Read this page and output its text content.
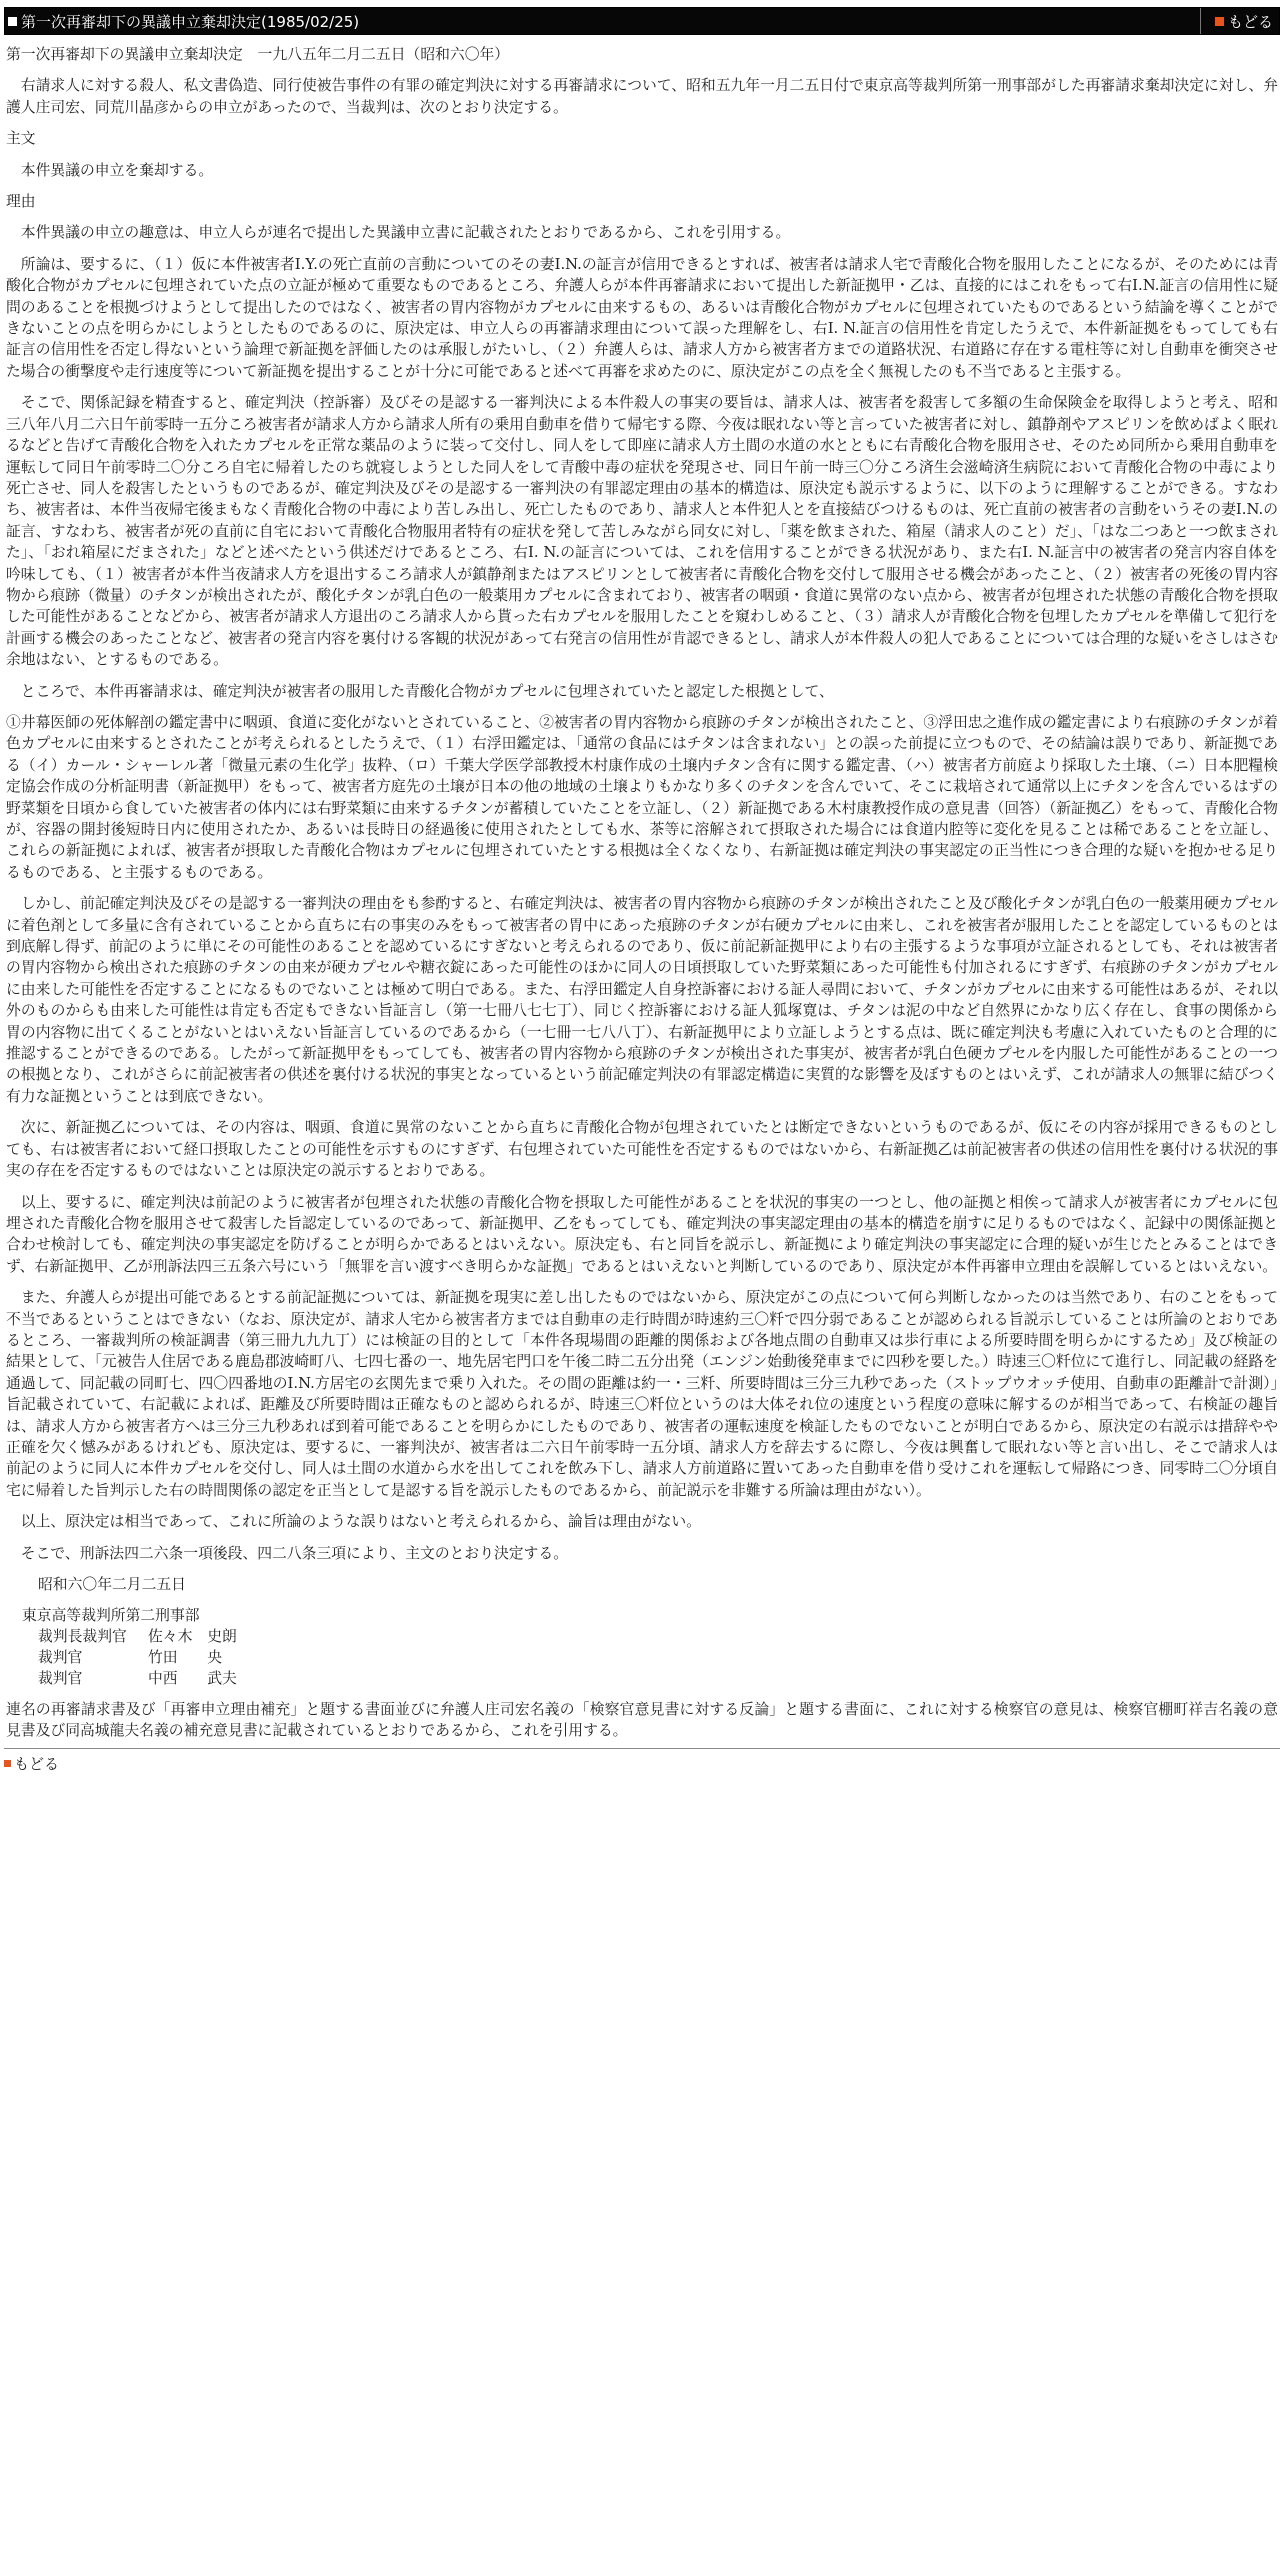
第一次再審却下の異議申立棄却決定(1985/02/25)	もどる

第一次再審却下の異議申立棄却決定　一九八五年二月二五日（昭和六〇年）

右請求人に対する殺人、私文書偽造、同行使被告事件の有罪の確定判決に対する再審請求について、昭和五九年一月二五日付で東京高等裁判所第一刑事部がした再審請求棄却決定に対し、弁護人庄司宏、同荒川晶彦からの申立があったので、当裁判は、次のとおり決定する。

主文

本件異議の申立を棄却する。

理由

本件異議の申立の趣意は、申立人らが連名で提出した異議申立書に記載されたとおりであるから、これを引用する。

所論は、要するに、（１）仮に本件被害者I.Y.の死亡直前の言動についてのその妻I.N.の証言が信用できるとすれば、被害者は請求人宅で青酸化合物を服用したことになるが、そのためには青酸化合物がカプセルに包埋されていた点の立証が極めて重要なものであるところ、弁護人らが本件再審請求において提出した新証拠甲・乙は、直接的にはこれをもって右I.N.証言の信用性に疑問のあることを根拠づけようとして提出したのではなく、被害者の胃内容物がカプセルに由来するもの、あるいは青酸化合物がカプセルに包埋されていたものであるという結論を導くことができないことの点を明らかにしようとしたものであるのに、原決定は、申立人らの再審請求理由について誤った理解をし、右I. N.証言の信用性を肯定したうえで、本件新証拠をもってしても右証言の信用性を否定し得ないという論理で新証拠を評価したのは承服しがたいし、（２）弁護人らは、請求人方から被害者方までの道路状況、右道路に存在する電柱等に対し自動車を衝突させた場合の衝撃度や走行速度等について新証拠を提出することが十分に可能であると述べて再審を求めたのに、原決定がこの点を全く無視したのも不当であると主張する。

そこで、関係記録を精査すると、確定判決（控訴審）及びその是認する一審判決による本件殺人の事実の要旨は、請求人は、被害者を殺害して多額の生命保険金を取得しようと考え、昭和三八年八月二六日午前零時一五分ころ被害者が請求人方から請求人所有の乗用自動車を借りて帰宅する際、今夜は眠れない等と言っていた被害者に対し、鎮静剤やアスピリンを飲めばよく眠れるなどと告げて青酸化合物を入れたカプセルを正常な薬品のように装って交付し、同人をして即座に請求人方土間の水道の水とともに右青酸化合物を服用させ、そのため同所から乗用自動車を運転して同日午前零時二〇分ころ自宅に帰着したのち就寝しようとした同人をして青酸中毒の症状を発現させ、同日午前一時三〇分ころ済生会滋崎済生病院において青酸化合物の中毒により死亡させ、同人を殺害したというものであるが、確定判決及びその是認する一審判決の有罪認定理由の基本的構造は、原決定も説示するように、以下のように理解することができる。すなわち、被害者は、本件当夜帰宅後まもなく青酸化合物の中毒により苦しみ出し、死亡したものであり、請求人と本件犯人とを直接結びつけるものは、死亡直前の被害者の言動をいうその妻I.N.の証言、すなわち、被害者が死の直前に自宅において青酸化合物服用者特有の症状を発して苦しみながら同女に対し、「薬を飲まされた、箱屋（請求人のこと）だ」、「はな二つあと一つ飲まされた」、「おれ箱屋にだまされた」などと述べたという供述だけであるところ、右I. N.の証言については、これを信用することができる状況があり、また右I. N.証言中の被害者の発言内容自体を吟味しても、（１）被害者が本件当夜請求人方を退出するころ請求人が鎮静剤またはアスピリンとして被害者に青酸化合物を交付して服用させる機会があったこと、（２）被害者の死後の胃内容物から痕跡（微量）のチタンが検出されたが、酸化チタンが乳白色の一般薬用カプセルに含まれており、被害者の咽頭・食道に異常のない点から、被害者が包埋された状態の青酸化合物を摂取した可能性があることなどから、被害者が請求人方退出のころ請求人から貰った右カプセルを服用したことを窺わしめること、（３）請求人が青酸化合物を包埋したカプセルを準備して犯行を計画する機会のあったことなど、被害者の発言内容を裏付ける客観的状況があって右発言の信用性が肯認できるとし、請求人が本件殺人の犯人であることについては合理的な疑いをさしはさむ余地はない、とするものである。

ところで、本件再審請求は、確定判決が被害者の服用した青酸化合物がカプセルに包埋されていたと認定した根拠として、

①井幕医師の死体解剖の鑑定書中に咽頭、食道に変化がないとされていること、②被害者の胃内容物から痕跡のチタンが検出されたこと、③浮田忠之進作成の鑑定書により右痕跡のチタンが着色カプセルに由来するとされたことが考えられるとしたうえで、（１）右浮田鑑定は、「通常の食品にはチタンは含まれない」との誤った前提に立つもので、その結論は誤りであり、新証拠である（イ）カール・シャーレル著「微量元素の生化学」抜粋、（ロ）千葉大学医学部教授木村康作成の土壌内チタン含有に関する鑑定書、（ハ）被害者方前庭より採取した土壌、（ニ）日本肥糧検定協会作成の分析証明書（新証拠甲）をもって、被害者方庭先の土壌が日本の他の地域の土壌よりもかなり多くのチタンを含んでいて、そこに栽培されて通常以上にチタンを含んでいるはずの野菜類を日頃から食していた被害者の体内には右野菜類に由来するチタンが蓄積していたことを立証し、（２）新証拠である木村康教授作成の意見書（回答）（新証拠乙）をもって、青酸化合物が、容器の開封後短時日内に使用されたか、あるいは長時日の経過後に使用されたとしても水、茶等に溶解されて摂取された場合には食道内腔等に変化を見ることは稀であることを立証し、これらの新証拠によれば、被害者が摂取した青酸化合物はカプセルに包埋されていたとする根拠は全くなくなり、右新証拠は確定判決の事実認定の正当性につき合理的な疑いを抱かせる足りるものである、と主張するものである。

しかし、前記確定判決及びその是認する一審判決の理由をも参酌すると、右確定判決は、被害者の胃内容物から痕跡のチタンが検出されたこと及び酸化チタンが乳白色の一般薬用硬カプセルに着色剤として多量に含有されていることから直ちに右の事実のみをもって被害者の胃中にあった痕跡のチタンが右硬カプセルに由来し、これを被害者が服用したことを認定しているものとは到底解し得ず、前記のように単にその可能性のあることを認めているにすぎないと考えられるのであり、仮に前記新証拠甲により右の主張するような事項が立証されるとしても、それは被害者の胃内容物から検出された痕跡のチタンの由来が硬カプセルや糖衣錠にあった可能性のほかに同人の日頃摂取していた野菜類にあった可能性も付加されるにすぎず、右痕跡のチタンがカプセルに由来した可能性を否定することになるものでないことは極めて明白である。また、右浮田鑑定人自身控訴審における証人尋問において、チタンがカプセルに由来する可能性はあるが、それ以外のものからも由来した可能性は肯定も否定もできない旨証言し（第一七冊八七七丁）、同じく控訴審における証人狐塚寛は、チタンは泥の中など自然界にかなり広く存在し、食事の関係から胃の内容物に出てくることがないとはいえない旨証言しているのであるから（一七冊一七八八丁）、右新証拠甲により立証しようとする点は、既に確定判決も考慮に入れていたものと合理的に推認することができるのである。したがって新証拠甲をもってしても、被害者の胃内容物から痕跡のチタンが検出された事実が、被害者が乳白色硬カプセルを内服した可能性があることの一つの根拠となり、これがさらに前記被害者の供述を裏付ける状況的事実となっているという前記確定判決の有罪認定構造に実質的な影響を及ぼすものとはいえず、これが請求人の無罪に結びつく有力な証拠ということは到底できない。

次に、新証拠乙については、その内容は、咽頭、食道に異常のないことから直ちに青酸化合物が包埋されていたとは断定できないというものであるが、仮にその内容が採用できるものとしても、右は被害者において経口摂取したことの可能性を示すものにすぎず、右包埋されていた可能性を否定するものではないから、右新証拠乙は前記被害者の供述の信用性を裏付ける状況的事実の存在を否定するものではないことは原決定の説示するとおりである。

以上、要するに、確定判決は前記のように被害者が包埋された状態の青酸化合物を摂取した可能性があることを状況的事実の一つとし、他の証拠と相俟って請求人が被害者にカプセルに包埋された青酸化合物を服用させて殺害した旨認定しているのであって、新証拠甲、乙をもってしても、確定判決の事実認定理由の基本的構造を崩すに足りるものではなく、記録中の関係証拠と合わせ検討しても、確定判決の事実認定を防げることが明らかであるとはいえない。原決定も、右と同旨を説示し、新証拠により確定判決の事実認定に合理的疑いが生じたとみることはできず、右新証拠甲、乙が刑訴法四三五条六号にいう「無罪を言い渡すべき明らかな証拠」であるとはいえないと判断しているのであり、原決定が本件再審申立理由を誤解しているとはいえない。

また、弁護人らが提出可能であるとする前記証拠については、新証拠を現実に差し出したものではないから、原決定がこの点について何ら判断しなかったのは当然であり、右のことをもって不当であるということはできない（なお、原決定が、請求人宅から被害者方までは自動車の走行時間が時速約三〇粁で四分弱であることが認められる旨説示していることは所論のとおりであるところ、一審裁判所の検証調書（第三冊九九九丁）には検証の目的として「本件各現場間の距離的関係および各地点間の自動車又は歩行車による所要時間を明らかにするため」及び検証の結果として、「元被告人住居である鹿島郡波崎町八、七四七番の一、地先居宅門口を午後二時二五分出発（エンジン始動後発車までに四秒を要した。）時速三〇粁位にて進行し、同記載の経路を通過して、同記載の同町七、四〇四番地のI.N.方居宅の玄関先まで乗り入れた。その間の距離は約一・三粁、所要時間は三分三九秒であった（ストップウオッチ使用、自動車の距離計で計測）」旨記載されていて、右記載によれば、距離及び所要時間は正確なものと認められるが、時速三〇粁位というのは大体それ位の速度という程度の意味に解するのが相当であって、右検証の趣旨は、請求人方から被害者方へは三分三九秒あれば到着可能であることを明らかにしたものであり、被害者の運転速度を検証したものでないことが明白であるから、原決定の右説示は措辞やや正確を欠く憾みがあるけれども、原決定は、要するに、一審判決が、被害者は二六日午前零時一五分頃、請求人方を辞去するに際し、今夜は興奮して眠れない等と言い出し、そこで請求人は前記のように同人に本件カプセルを交付し、同人は土間の水道から水を出してこれを飲み下し、請求人方前道路に置いてあった自動車を借り受けこれを運転して帰路につき、同零時二〇分頃自宅に帰着した旨判示した右の時間関係の認定を正当として是認する旨を説示したものであるから、前記説示を非難する所論は理由がない）。

以上、原決定は相当であって、これに所論のような誤りはないと考えられるから、論旨は理由がない。

そこで、刑訴法四二六条一項後段、四二八条三項により、主文のとおり決定する。

昭和六〇年二月二五日
東京高等裁判所第二刑事部
裁判長裁判官	佐々木　史朗
裁判官	竹田　　央
裁判官	中西　　武夫

連名の再審請求書及び「再審申立理由補充」と題する書面並びに弁護人庄司宏名義の「検察官意見書に対する反論」と題する書面に、これに対する検察官の意見は、検察官棚町祥吉名義の意見書及び同高城龍夫名義の補充意見書に記載されているとおりであるから、これを引用する。

もどる
